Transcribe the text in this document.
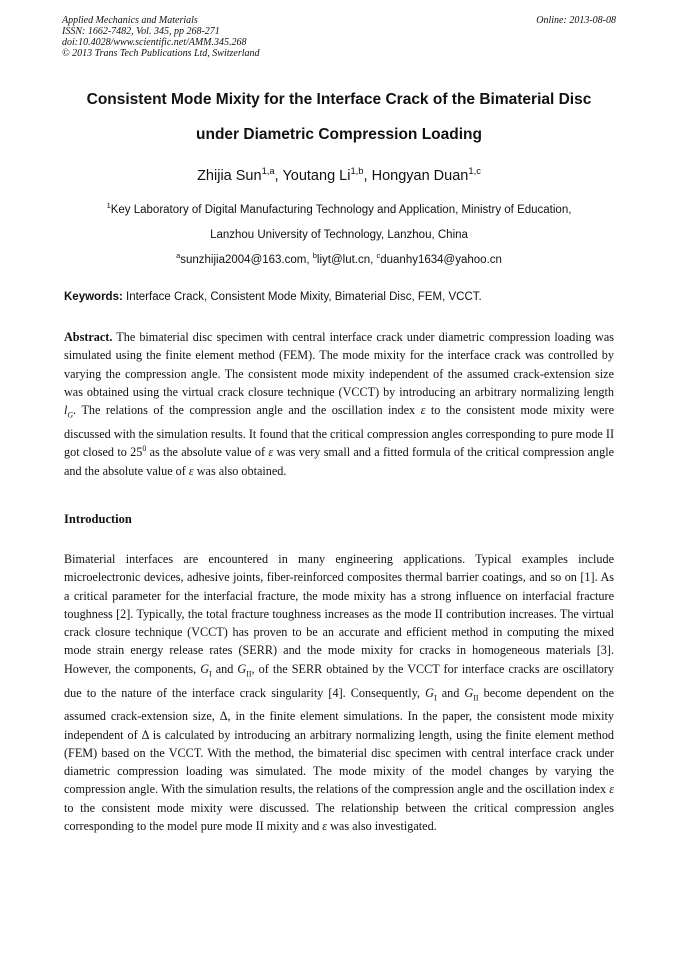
Applied Mechanics and Materials
ISSN: 1662-7482, Vol. 345, pp 268-271
doi:10.4028/www.scientific.net/AMM.345.268
© 2013 Trans Tech Publications Ltd, Switzerland
Online: 2013-08-08
Consistent Mode Mixity for the Interface Crack of the Bimaterial Disc
under Diametric Compression Loading
Zhijia Sun$^{1,a}$, Youtang Li$^{1,b}$, Hongyan Duan$^{1,c}$
$^1$Key Laboratory of Digital Manufacturing Technology and Application, Ministry of Education,
Lanzhou University of Technology, Lanzhou, China
$^a$sunzhijia2004@163.com, $^b$liyt@lut.cn, $^c$duanhy1634@yahoo.cn
Keywords: Interface Crack, Consistent Mode Mixity, Bimaterial Disc, FEM, VCCT.
Abstract. The bimaterial disc specimen with central interface crack under diametric compression loading was simulated using the finite element method (FEM). The mode mixity for the interface crack was controlled by varying the compression angle. The consistent mode mixity independent of the assumed crack-extension size was obtained using the virtual crack closure technique (VCCT) by introducing an arbitrary normalizing length $l_G$. The relations of the compression angle and the oscillation index ε to the consistent mode mixity were discussed with the simulation results. It found that the critical compression angles corresponding to pure mode II got closed to $25^0$ as the absolute value of ε was very small and a fitted formula of the critical compression angle and the absolute value of ε was also obtained.
Introduction
Bimaterial interfaces are encountered in many engineering applications. Typical examples include microelectronic devices, adhesive joints, fiber-reinforced composites thermal barrier coatings, and so on [1]. As a critical parameter for the interfacial fracture, the mode mixity has a strong influence on interfacial fracture toughness [2]. Typically, the total fracture toughness increases as the mode II contribution increases. The virtual crack closure technique (VCCT) has proven to be an accurate and efficient method in computing the mixed mode strain energy release rates (SERR) and the mode mixity for cracks in homogeneous materials [3]. However, the components, $G_I$ and $G_{II}$, of the SERR obtained by the VCCT for interface cracks are oscillatory due to the nature of the interface crack singularity [4]. Consequently, $G_I$ and $G_{II}$ become dependent on the assumed crack-extension size, Δ, in the finite element simulations. In the paper, the consistent mode mixity independent of Δ is calculated by introducing an arbitrary normalizing length, using the finite element method (FEM) based on the VCCT. With the method, the bimaterial disc specimen with central interface crack under diametric compression loading was simulated. The mode mixity of the model changes by varying the compression angle. With the simulation results, the relations of the compression angle and the oscillation index ε to the consistent mode mixity were discussed. The relationship between the critical compression angles corresponding to the model pure mode II mixity and ε was also investigated.
